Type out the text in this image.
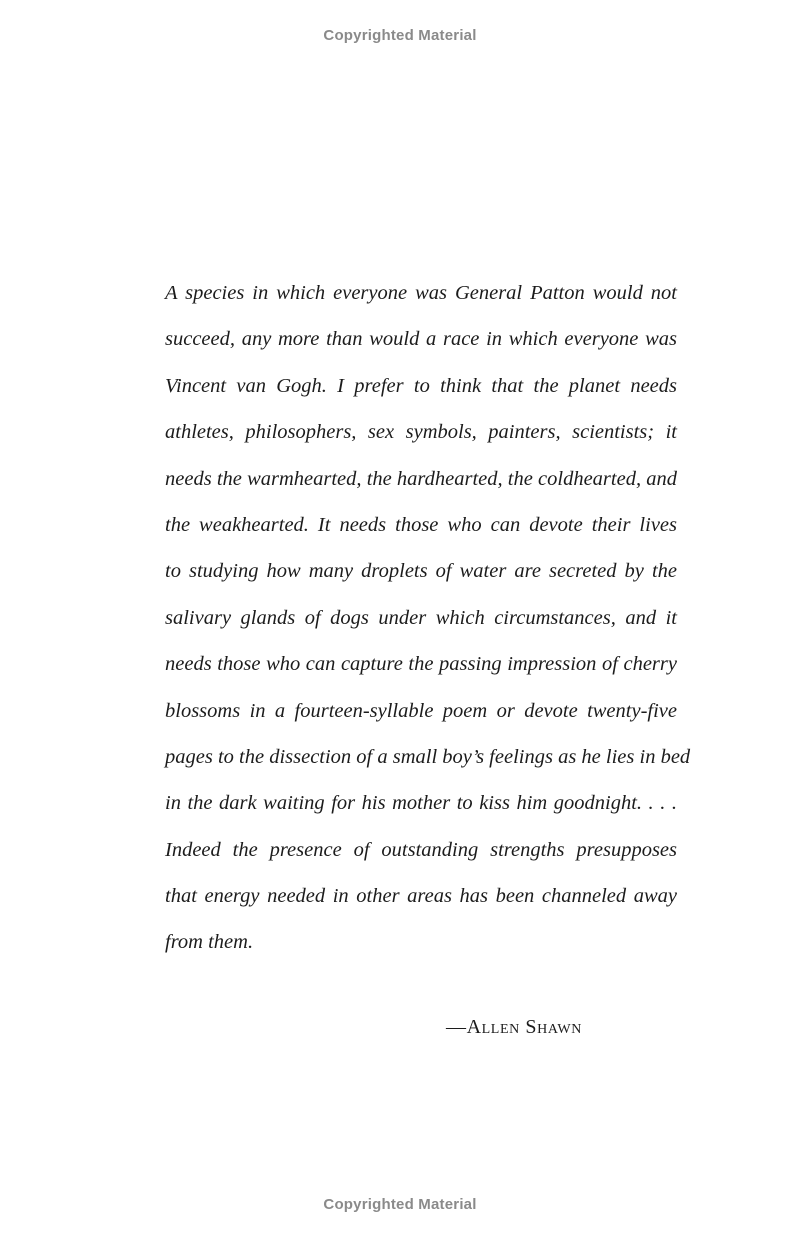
Copyrighted Material
A species in which everyone was General Patton would not
succeed, any more than would a race in which everyone was
Vincent van Gogh. I prefer to think that the planet needs
athletes, philosophers, sex symbols, painters, scientists; it
needs the warmhearted, the hardhearted, the coldhearted, and
the weakhearted. It needs those who can devote their lives
to studying how many droplets of water are secreted by the
salivary glands of dogs under which circumstances, and it
needs those who can capture the passing impression of cherry
blossoms in a fourteen-syllable poem or devote twenty-five
pages to the dissection of a small boy’s feelings as he lies in bed
in the dark waiting for his mother to kiss him goodnight. . . .
Indeed the presence of outstanding strengths presupposes
that energy needed in other areas has been channeled away
from them.
—Allen Shawn
Copyrighted Material
